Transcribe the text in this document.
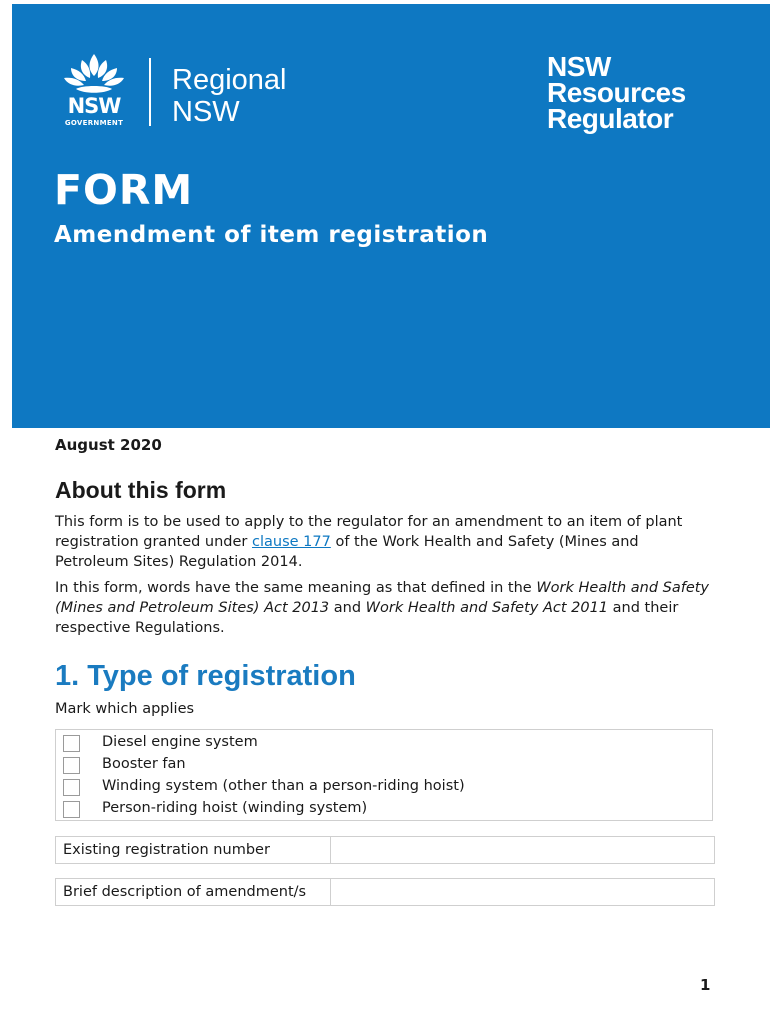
NSW
GOVERNMENT
Regional
NSW
NSW
Resources
Regulator
FORM
Amendment of item registration
August 2020
About this form
This form is to be used to apply to the regulator for an amendment to an item of plant registration granted under clause 177 of the Work Health and Safety (Mines and Petroleum Sites) Regulation 2014.
In this form, words have the same meaning as that defined in the Work Health and Safety (Mines and Petroleum Sites) Act 2013 and Work Health and Safety Act 2011 and their respective Regulations.
1. Type of registration
Mark which applies
Diesel engine system
Booster fan
Winding system (other than a person-riding hoist)
Person-riding hoist (winding system)
Existing registration number
Brief description of amendment/s
1
